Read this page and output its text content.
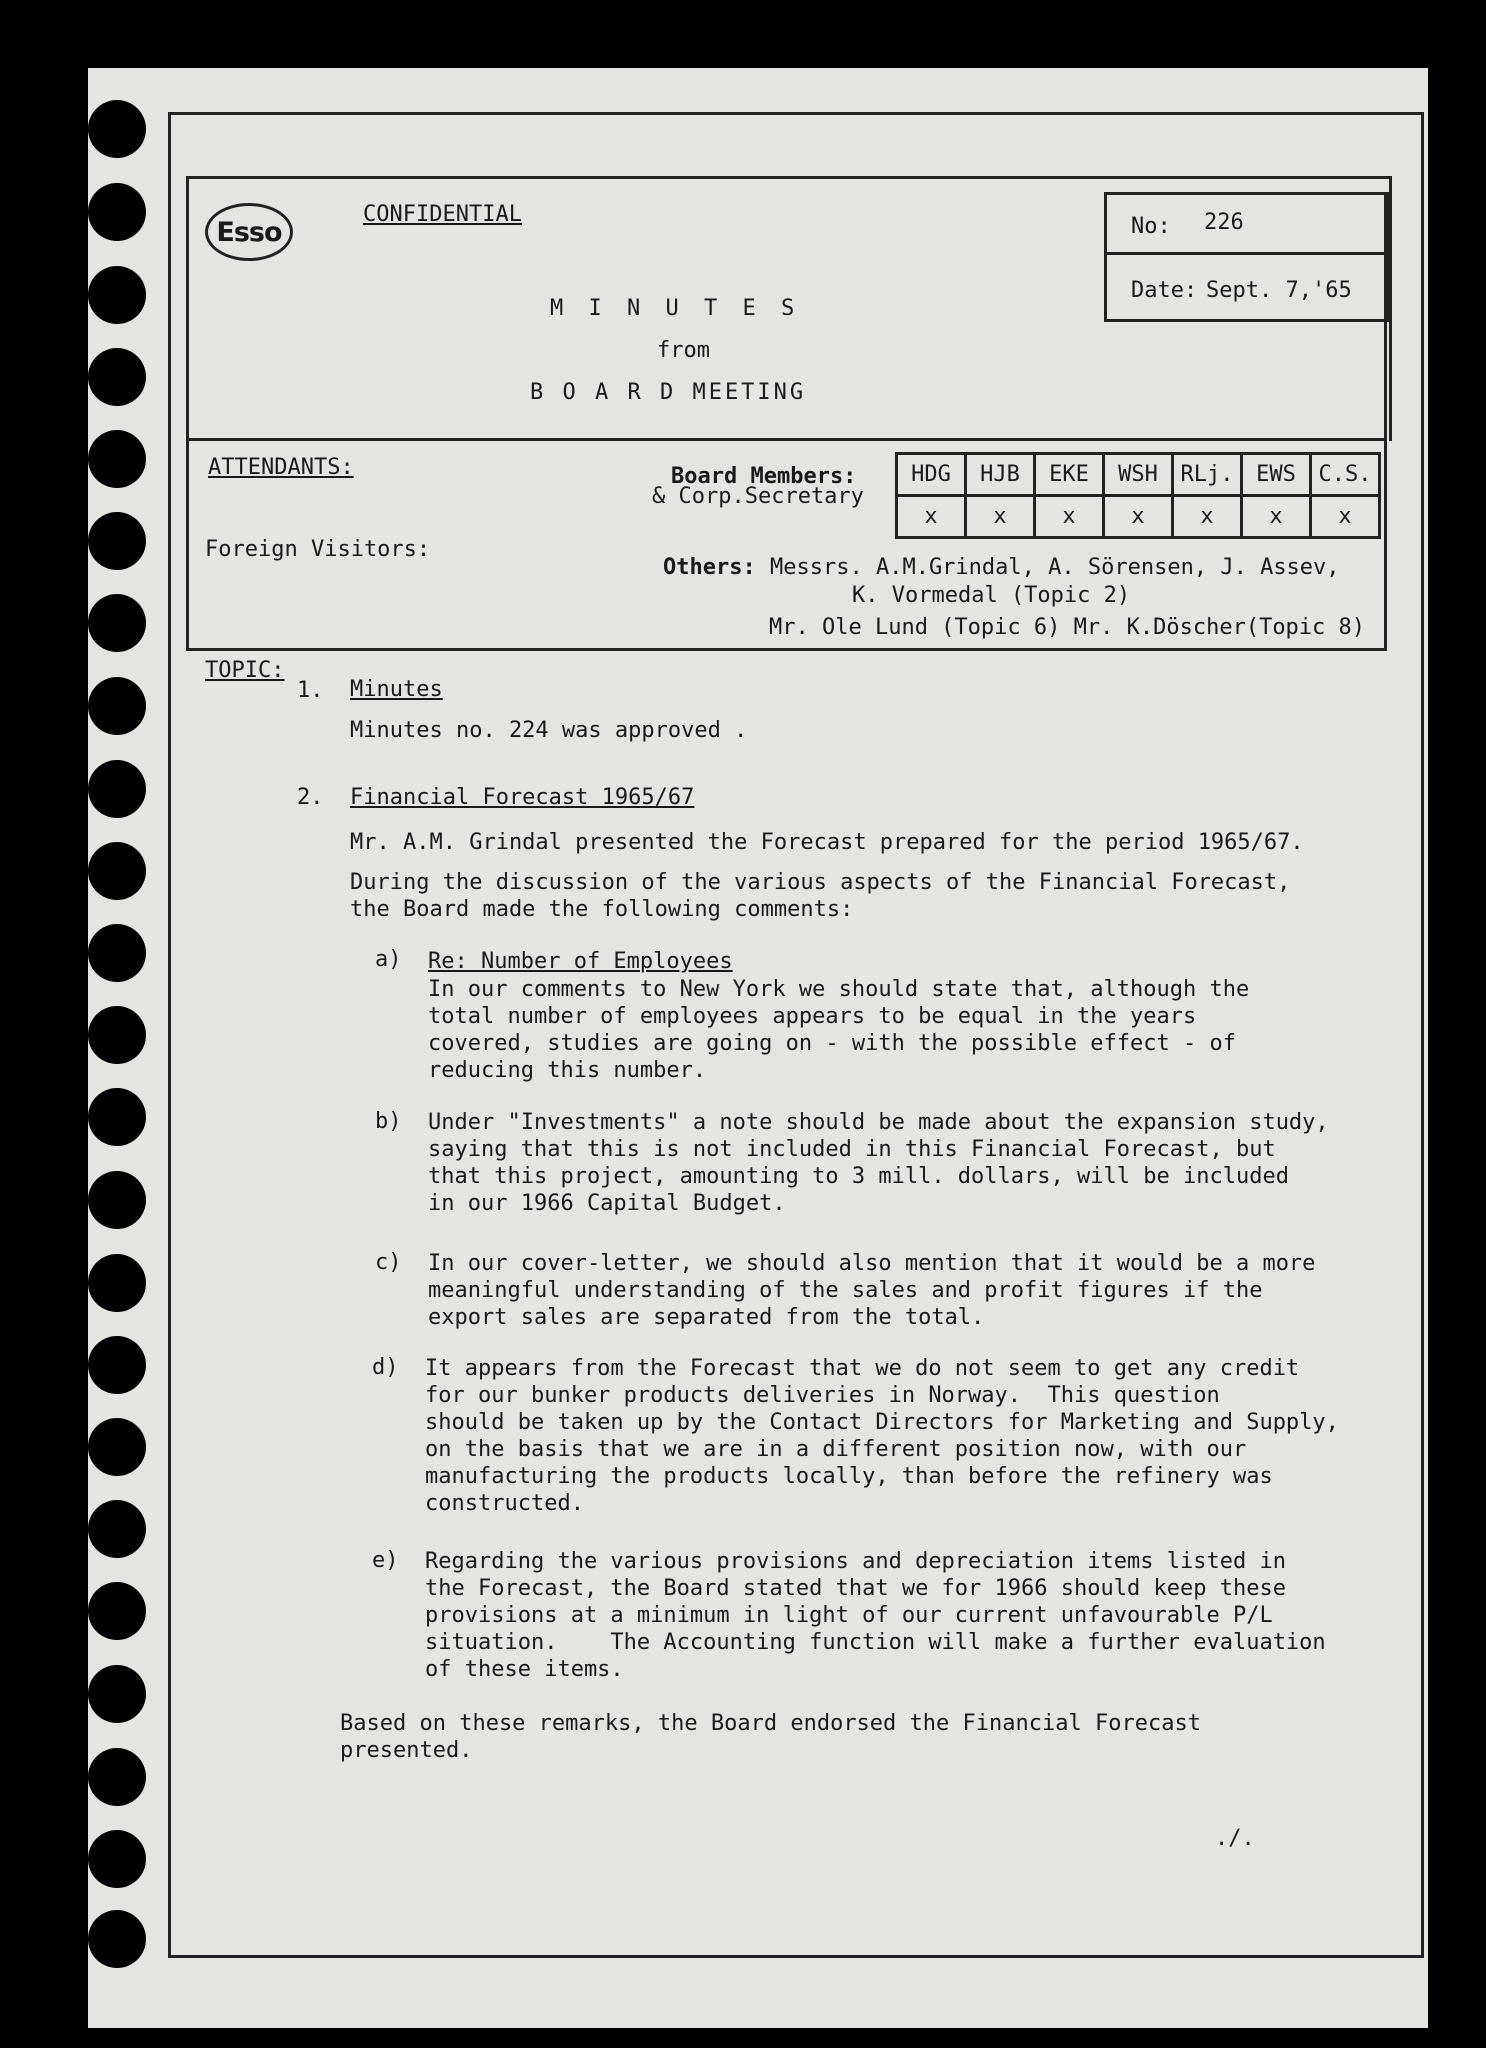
Esso
CONFIDENTIAL	No: 226
Date: Sept. 7,'65
M I N U T E S
from
B O A R D MEETING
ATTENDANTS:	Board Members:
& Corp.Secretary
HDG	HJB	EKE	WSH	RLj.	EWS	C.S.
x	x	x	x	x	x	x
Foreign Visitors:
Others: Messrs. A.M.Grindal, A. Sörensen, J. Assev,
K. Vormedal (Topic 2)
Mr. Ole Lund (Topic 6) Mr. K.Döscher(Topic 8)
TOPIC:
1. Minutes
Minutes no. 224 was approved .
2. Financial Forecast 1965/67
Mr. A.M. Grindal presented the Forecast prepared for the period 1965/67.
During the discussion of the various aspects of the Financial Forecast,
the Board made the following comments:
a) Re: Number of Employees
In our comments to New York we should state that, although the
total number of employees appears to be equal in the years
covered, studies are going on - with the possible effect - of
reducing this number.
b) Under "Investments" a note should be made about the expansion study,
saying that this is not included in this Financial Forecast, but
that this project, amounting to 3 mill. dollars, will be included
in our 1966 Capital Budget.
c) In our cover-letter, we should also mention that it would be a more
meaningful understanding of the sales and profit figures if the
export sales are separated from the total.
d) It appears from the Forecast that we do not seem to get any credit
for our bunker products deliveries in Norway.  This question
should be taken up by the Contact Directors for Marketing and Supply,
on the basis that we are in a different position now, with our
manufacturing the products locally, than before the refinery was
constructed.
e) Regarding the various provisions and depreciation items listed in
the Forecast, the Board stated that we for 1966 should keep these
provisions at a minimum in light of our current unfavourable P/L
situation.    The Accounting function will make a further evaluation
of these items.
Based on these remarks, the Board endorsed the Financial Forecast
presented.
./.
